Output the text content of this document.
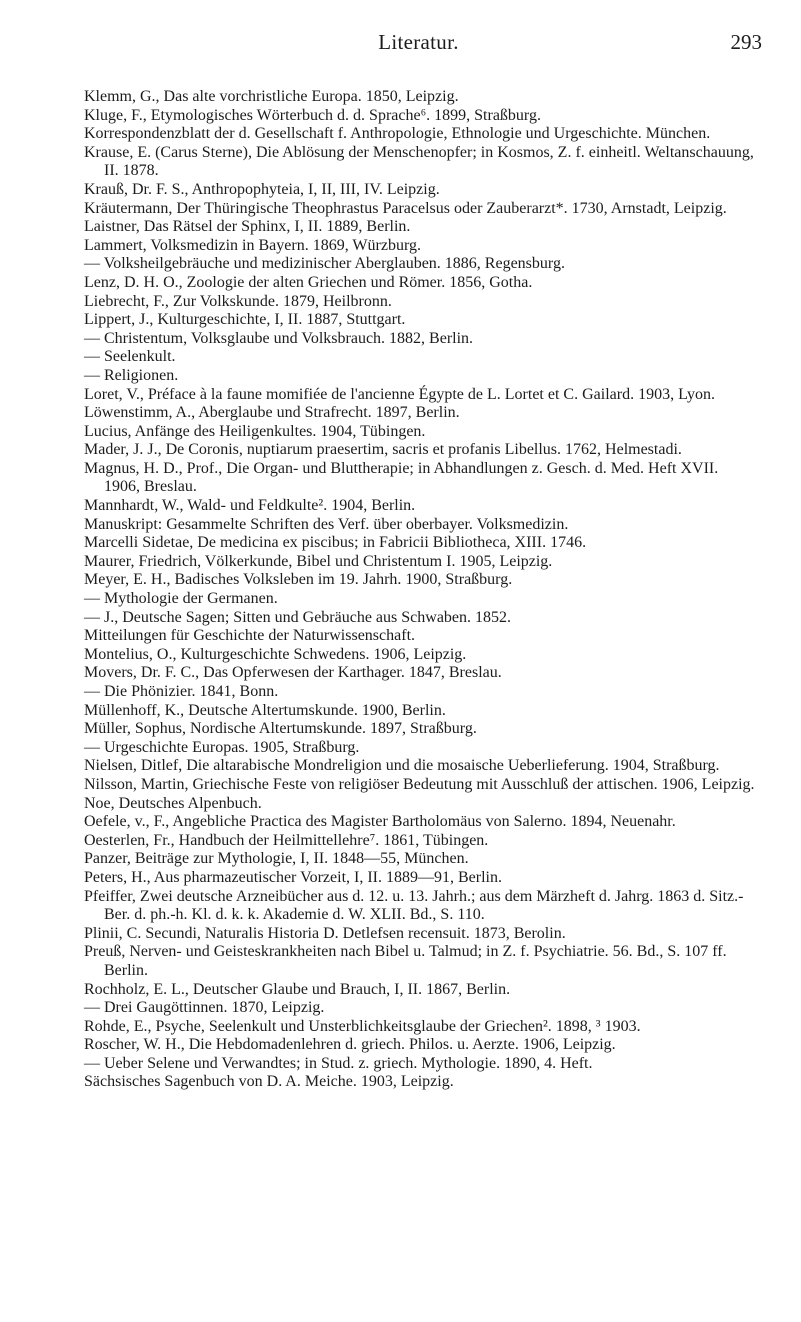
Literatur.	293

Klemm, G., Das alte vorchristliche Europa. 1850, Leipzig.

Kluge, F., Etymologisches Wörterbuch d. d. Sprache⁶. 1899, Straßburg.

Korrespondenzblatt der d. Gesellschaft f. Anthropologie, Ethnologie und Urgeschichte. München.

Krause, E. (Carus Sterne), Die Ablösung der Menschenopfer; in Kosmos, Z. f. einheitl. Weltanschauung, II. 1878.

Krauß, Dr. F. S., Anthropophyteia, I, II, III, IV. Leipzig.

Kräutermann, Der Thüringische Theophrastus Paracelsus oder Zauberarzt*. 1730, Arnstadt, Leipzig.

Laistner, Das Rätsel der Sphinx, I, II. 1889, Berlin.

Lammert, Volksmedizin in Bayern. 1869, Würzburg.

— Volksheilgebräuche und medizinischer Aberglauben. 1886, Regensburg.

Lenz, D. H. O., Zoologie der alten Griechen und Römer. 1856, Gotha.

Liebrecht, F., Zur Volkskunde. 1879, Heilbronn.

Lippert, J., Kulturgeschichte, I, II. 1887, Stuttgart.

— Christentum, Volksglaube und Volksbrauch. 1882, Berlin.

— Seelenkult.

— Religionen.

Loret, V., Préface à la faune momifiée de l'ancienne Égypte de L. Lortet et C. Gailard. 1903, Lyon.

Löwenstimm, A., Aberglaube und Strafrecht. 1897, Berlin.

Lucius, Anfänge des Heiligenkultes. 1904, Tübingen.

Mader, J. J., De Coronis, nuptiarum praesertim, sacris et profanis Libellus. 1762, Helmestadi.

Magnus, H. D., Prof., Die Organ- und Bluttherapie; in Abhandlungen z. Gesch. d. Med. Heft XVII. 1906, Breslau.

Mannhardt, W., Wald- und Feldkulte². 1904, Berlin.

Manuskript: Gesammelte Schriften des Verf. über oberbayer. Volksmedizin.

Marcelli Sidetae, De medicina ex piscibus; in Fabricii Bibliotheca, XIII. 1746.

Maurer, Friedrich, Völkerkunde, Bibel und Christentum I. 1905, Leipzig.

Meyer, E. H., Badisches Volksleben im 19. Jahrh. 1900, Straßburg.

— Mythologie der Germanen.

— J., Deutsche Sagen; Sitten und Gebräuche aus Schwaben. 1852.

Mitteilungen für Geschichte der Naturwissenschaft.

Montelius, O., Kulturgeschichte Schwedens. 1906, Leipzig.

Movers, Dr. F. C., Das Opferwesen der Karthager. 1847, Breslau.

— Die Phönizier. 1841, Bonn.

Müllenhoff, K., Deutsche Altertumskunde. 1900, Berlin.

Müller, Sophus, Nordische Altertumskunde. 1897, Straßburg.

— Urgeschichte Europas. 1905, Straßburg.

Nielsen, Ditlef, Die altarabische Mondreligion und die mosaische Ueberlieferung. 1904, Straßburg.

Nilsson, Martin, Griechische Feste von religiöser Bedeutung mit Ausschluß der attischen. 1906, Leipzig.

Noe, Deutsches Alpenbuch.

Oefele, v., F., Angebliche Practica des Magister Bartholomäus von Salerno. 1894, Neuenahr.

Oesterlen, Fr., Handbuch der Heilmittellehre⁷. 1861, Tübingen.

Panzer, Beiträge zur Mythologie, I, II. 1848—55, München.

Peters, H., Aus pharmazeutischer Vorzeit, I, II. 1889—91, Berlin.

Pfeiffer, Zwei deutsche Arzneibücher aus d. 12. u. 13. Jahrh.; aus dem Märzheft d. Jahrg. 1863 d. Sitz.-Ber. d. ph.-h. Kl. d. k. k. Akademie d. W. XLII. Bd., S. 110.

Plinii, C. Secundi, Naturalis Historia D. Detlefsen recensuit. 1873, Berolin.

Preuß, Nerven- und Geisteskrankheiten nach Bibel u. Talmud; in Z. f. Psychiatrie. 56. Bd., S. 107 ff. Berlin.

Rochholz, E. L., Deutscher Glaube und Brauch, I, II. 1867, Berlin.

— Drei Gaugöttinnen. 1870, Leipzig.

Rohde, E., Psyche, Seelenkult und Unsterblichkeitsglaube der Griechen². 1898, ³ 1903.

Roscher, W. H., Die Hebdomadenlehren d. griech. Philos. u. Aerzte. 1906, Leipzig.

— Ueber Selene und Verwandtes; in Stud. z. griech. Mythologie. 1890, 4. Heft.

Sächsisches Sagenbuch von D. A. Meiche. 1903, Leipzig.
